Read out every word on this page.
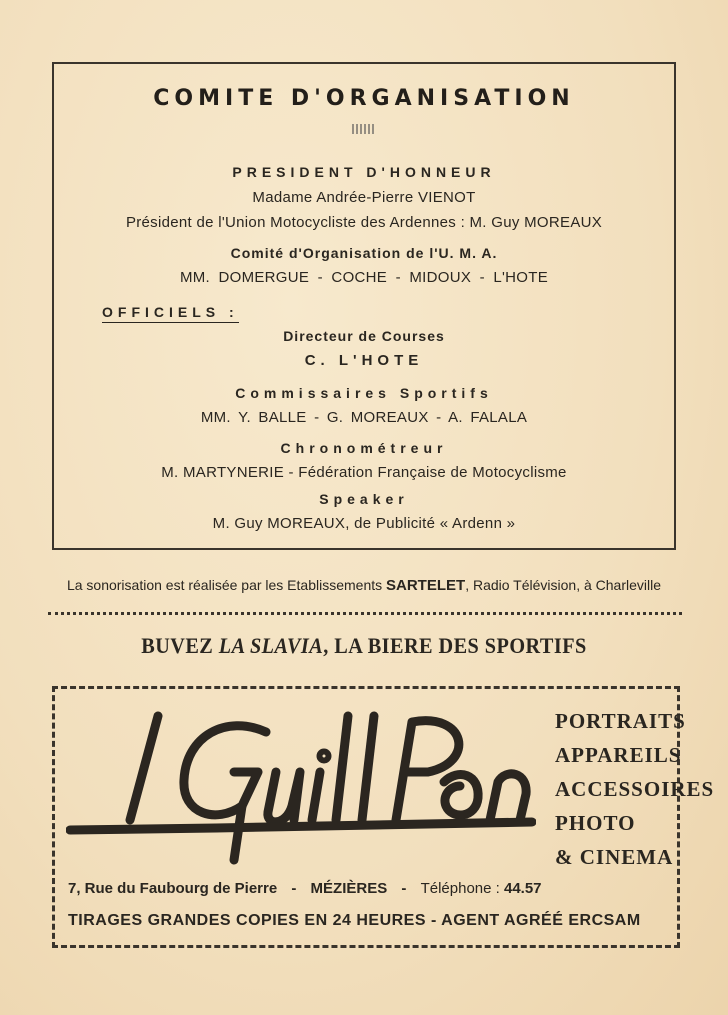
COMITE D'ORGANISATION
PRESIDENT D'HONNEUR
Madame Andrée-Pierre VIENOT
Président de l'Union Motocycliste des Ardennes : M. Guy MOREAUX
Comité d'Organisation de l'U. M. A.
MM. DOMERGUE - COCHE - MIDOUX - L'HOTE
OFFICIELS :
Directeur de Courses
C. L'HOTE
Commissaires Sportifs
MM. Y. BALLE - G. MOREAUX - A. FALALA
Chronométreur
M. MARTYNERIE - Fédération Française de Motocyclisme
Speaker
M. Guy MOREAUX, de Publicité « Ardenn »
La sonorisation est réalisée par les Etablissements SARTELET, Radio Télévision, à Charleville
BUVEZ LA SLAVIA, LA BIERE DES SPORTIFS
PORTRAITS
APPAREILS
ACCESSOIRES
PHOTO
& CINEMA
7, Rue du Faubourg de Pierre - MÉZIÈRES - Téléphone : 44.57
TIRAGES GRANDES COPIES EN 24 HEURES - AGENT AGRÉÉ ERCSAM
